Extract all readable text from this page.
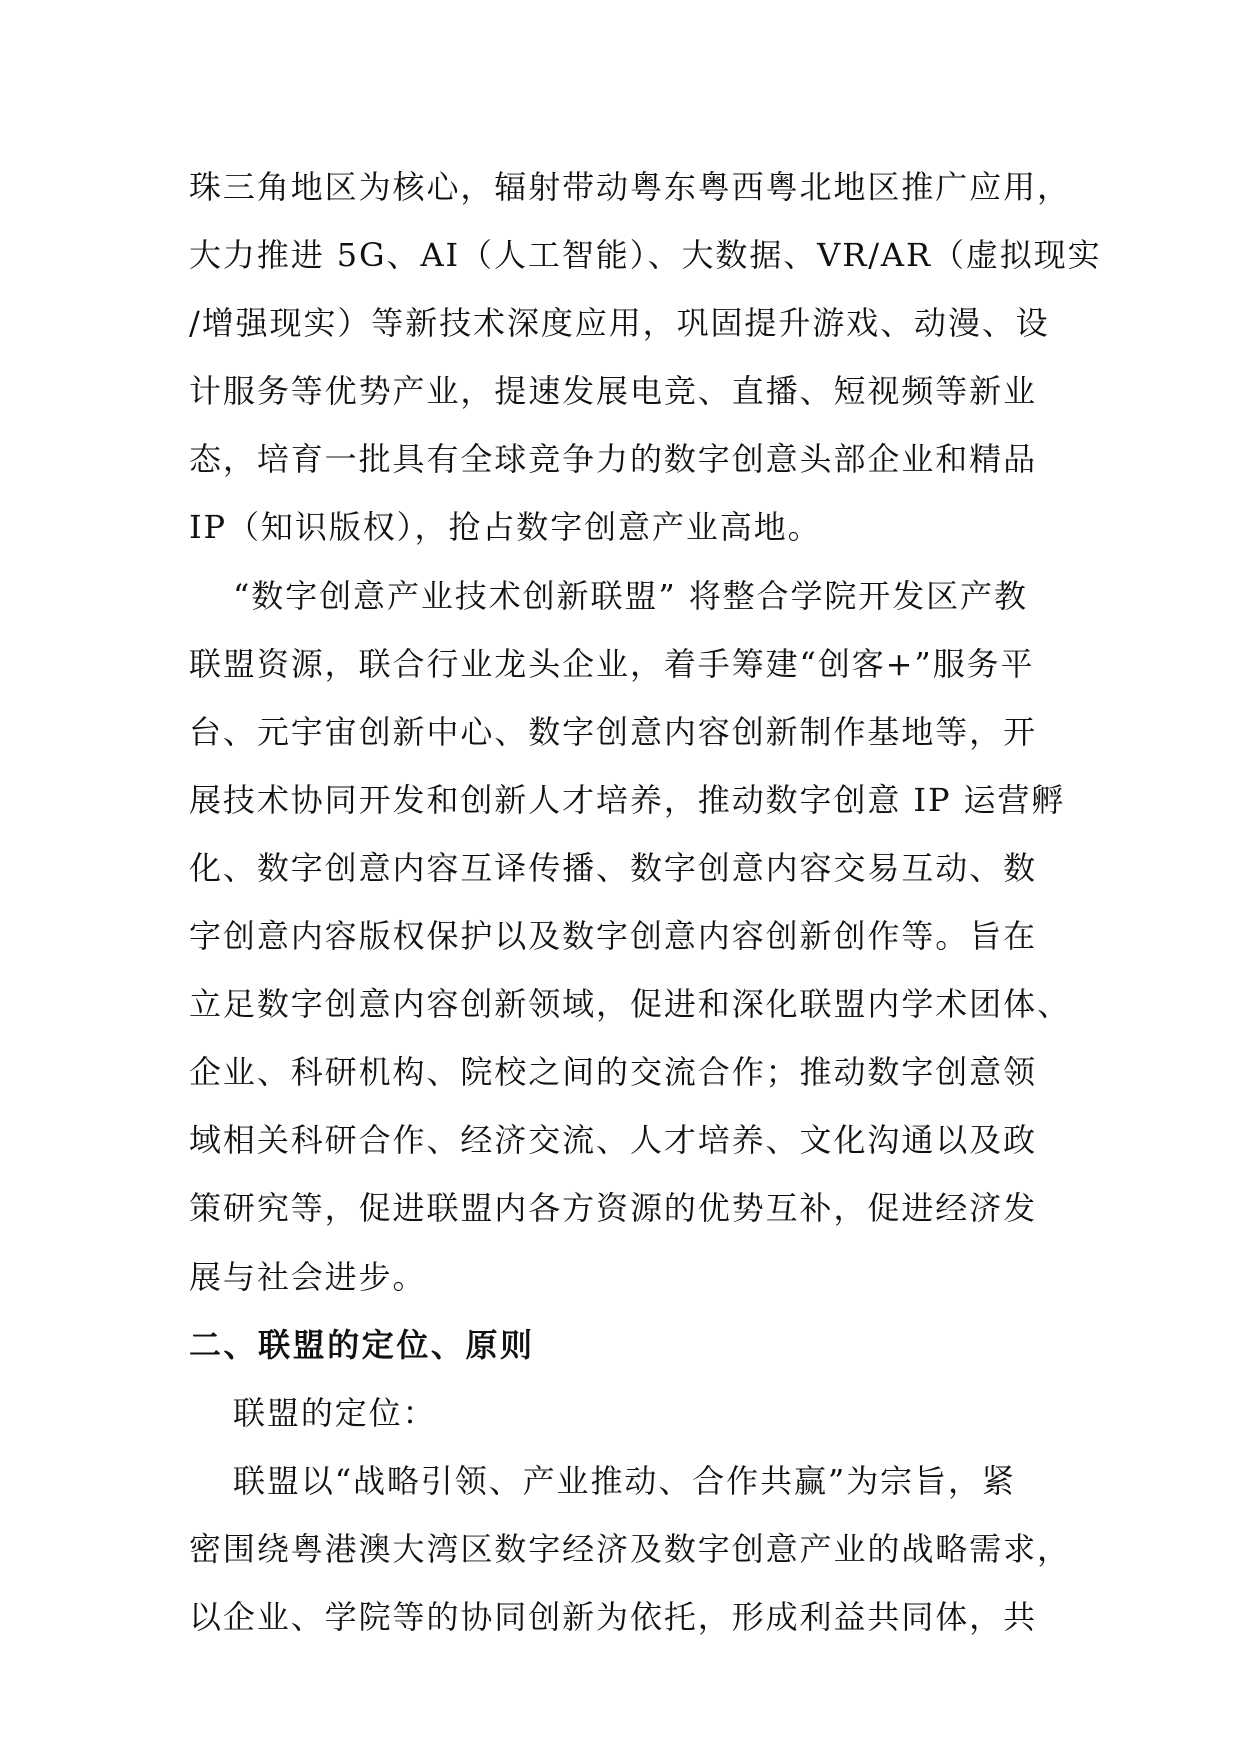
珠三角地区为核心，辐射带动粤东粤西粤北地区推广应用，
大力推进 5G、AI（人工智能）、大数据、VR/AR（虚拟现实
/增强现实）等新技术深度应用，巩固提升游戏、动漫、设
计服务等优势产业，提速发展电竞、直播、短视频等新业
态，培育一批具有全球竞争力的数字创意头部企业和精品
IP（知识版权），抢占数字创意产业高地。
“数字创意产业技术创新联盟” 将整合学院开发区产教
联盟资源，联合行业龙头企业，着手筹建“创客+”服务平
台、元宇宙创新中心、数字创意内容创新制作基地等，开
展技术协同开发和创新人才培养，推动数字创意 IP 运营孵
化、数字创意内容互译传播、数字创意内容交易互动、数
字创意内容版权保护以及数字创意内容创新创作等。旨在
立足数字创意内容创新领域，促进和深化联盟内学术团体、
企业、科研机构、院校之间的交流合作；推动数字创意领
域相关科研合作、经济交流、人才培养、文化沟通以及政
策研究等，促进联盟内各方资源的优势互补，促进经济发
展与社会进步。
二、联盟的定位、原则
联盟的定位：
联盟以“战略引领、产业推动、合作共赢”为宗旨，紧
密围绕粤港澳大湾区数字经济及数字创意产业的战略需求，
以企业、学院等的协同创新为依托，形成利益共同体，共
